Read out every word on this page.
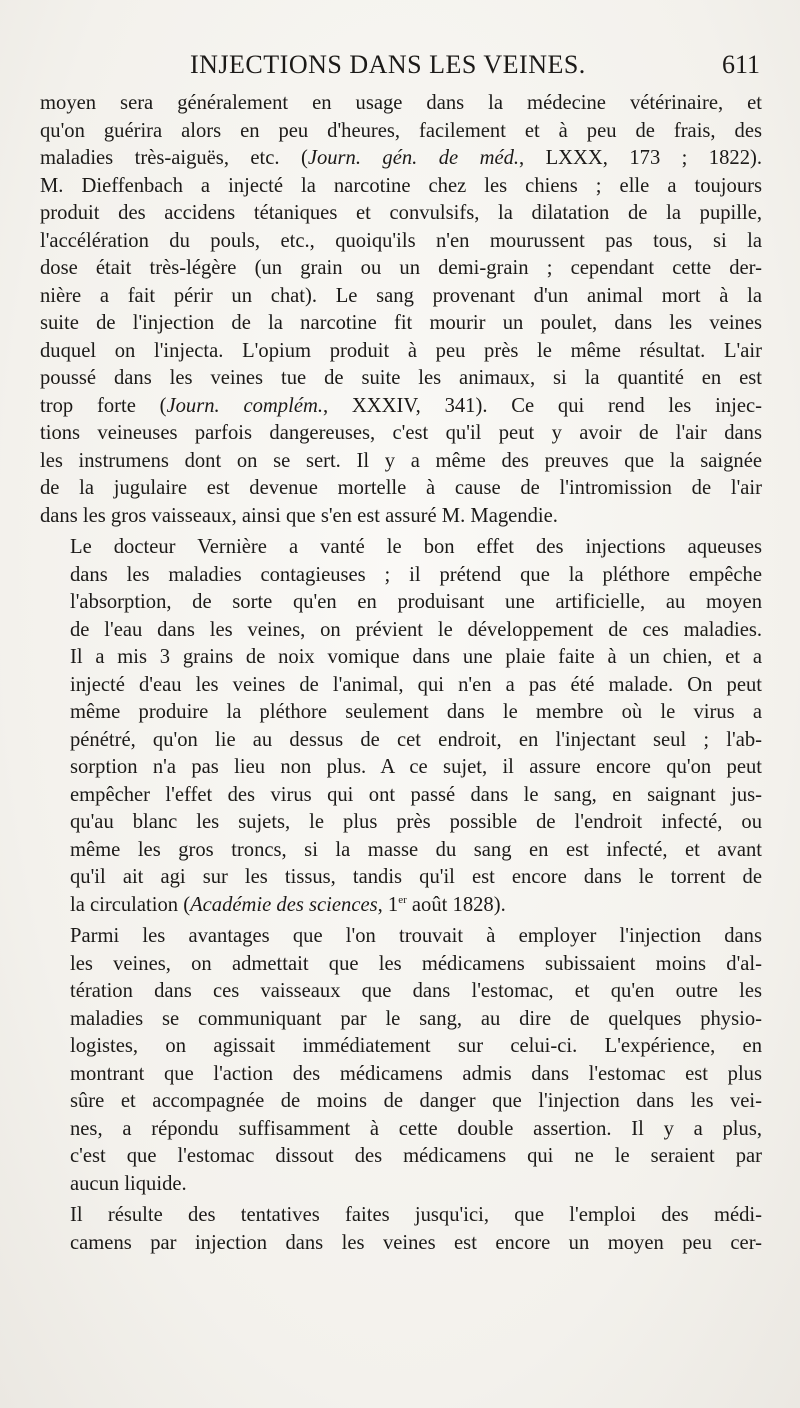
INJECTIONS DANS LES VEINES.	611
moyen sera généralement en usage dans la médecine vétérinaire, et
qu'on guérira alors en peu d'heures, facilement et à peu de frais, des
maladies très-aiguës, etc. (Journ. gén. de méd., LXXX, 173 ; 1822).
M. Dieffenbach a injecté la narcotine chez les chiens ; elle a toujours
produit des accidens tétaniques et convulsifs, la dilatation de la pupille,
l'accélération du pouls, etc., quoiqu'ils n'en mourussent pas tous, si la
dose était très-légère (un grain ou un demi-grain ; cependant cette der-
nière a fait périr un chat). Le sang provenant d'un animal mort à la
suite de l'injection de la narcotine fit mourir un poulet, dans les veines
duquel on l'injecta. L'opium produit à peu près le même résultat. L'air
poussé dans les veines tue de suite les animaux, si la quantité en est
trop forte (Journ. complém., XXXIV, 341). Ce qui rend les injec-
tions veineuses parfois dangereuses, c'est qu'il peut y avoir de l'air dans
les instrumens dont on se sert. Il y a même des preuves que la saignée
de la jugulaire est devenue mortelle à cause de l'intromission de l'air
dans les gros vaisseaux, ainsi que s'en est assuré M. Magendie.
Le docteur Vernière a vanté le bon effet des injections aqueuses
dans les maladies contagieuses ; il prétend que la pléthore empêche
l'absorption, de sorte qu'en en produisant une artificielle, au moyen
de l'eau dans les veines, on prévient le développement de ces maladies.
Il a mis 3 grains de noix vomique dans une plaie faite à un chien, et a
injecté d'eau les veines de l'animal, qui n'en a pas été malade. On peut
même produire la pléthore seulement dans le membre où le virus a
pénétré, qu'on lie au dessus de cet endroit, en l'injectant seul ; l'ab-
sorption n'a pas lieu non plus. A ce sujet, il assure encore qu'on peut
empêcher l'effet des virus qui ont passé dans le sang, en saignant jus-
qu'au blanc les sujets, le plus près possible de l'endroit infecté, ou
même les gros troncs, si la masse du sang en est infecté, et avant
qu'il ait agi sur les tissus, tandis qu'il est encore dans le torrent de
la circulation (Académie des sciences, 1er août 1828).
Parmi les avantages que l'on trouvait à employer l'injection dans
les veines, on admettait que les médicamens subissaient moins d'al-
tération dans ces vaisseaux que dans l'estomac, et qu'en outre les
maladies se communiquant par le sang, au dire de quelques physio-
logistes, on agissait immédiatement sur celui-ci. L'expérience, en
montrant que l'action des médicamens admis dans l'estomac est plus
sûre et accompagnée de moins de danger que l'injection dans les vei-
nes, a répondu suffisamment à cette double assertion. Il y a plus,
c'est que l'estomac dissout des médicamens qui ne le seraient par
aucun liquide.
Il résulte des tentatives faites jusqu'ici, que l'emploi des médi-
camens par injection dans les veines est encore un moyen peu cer-
